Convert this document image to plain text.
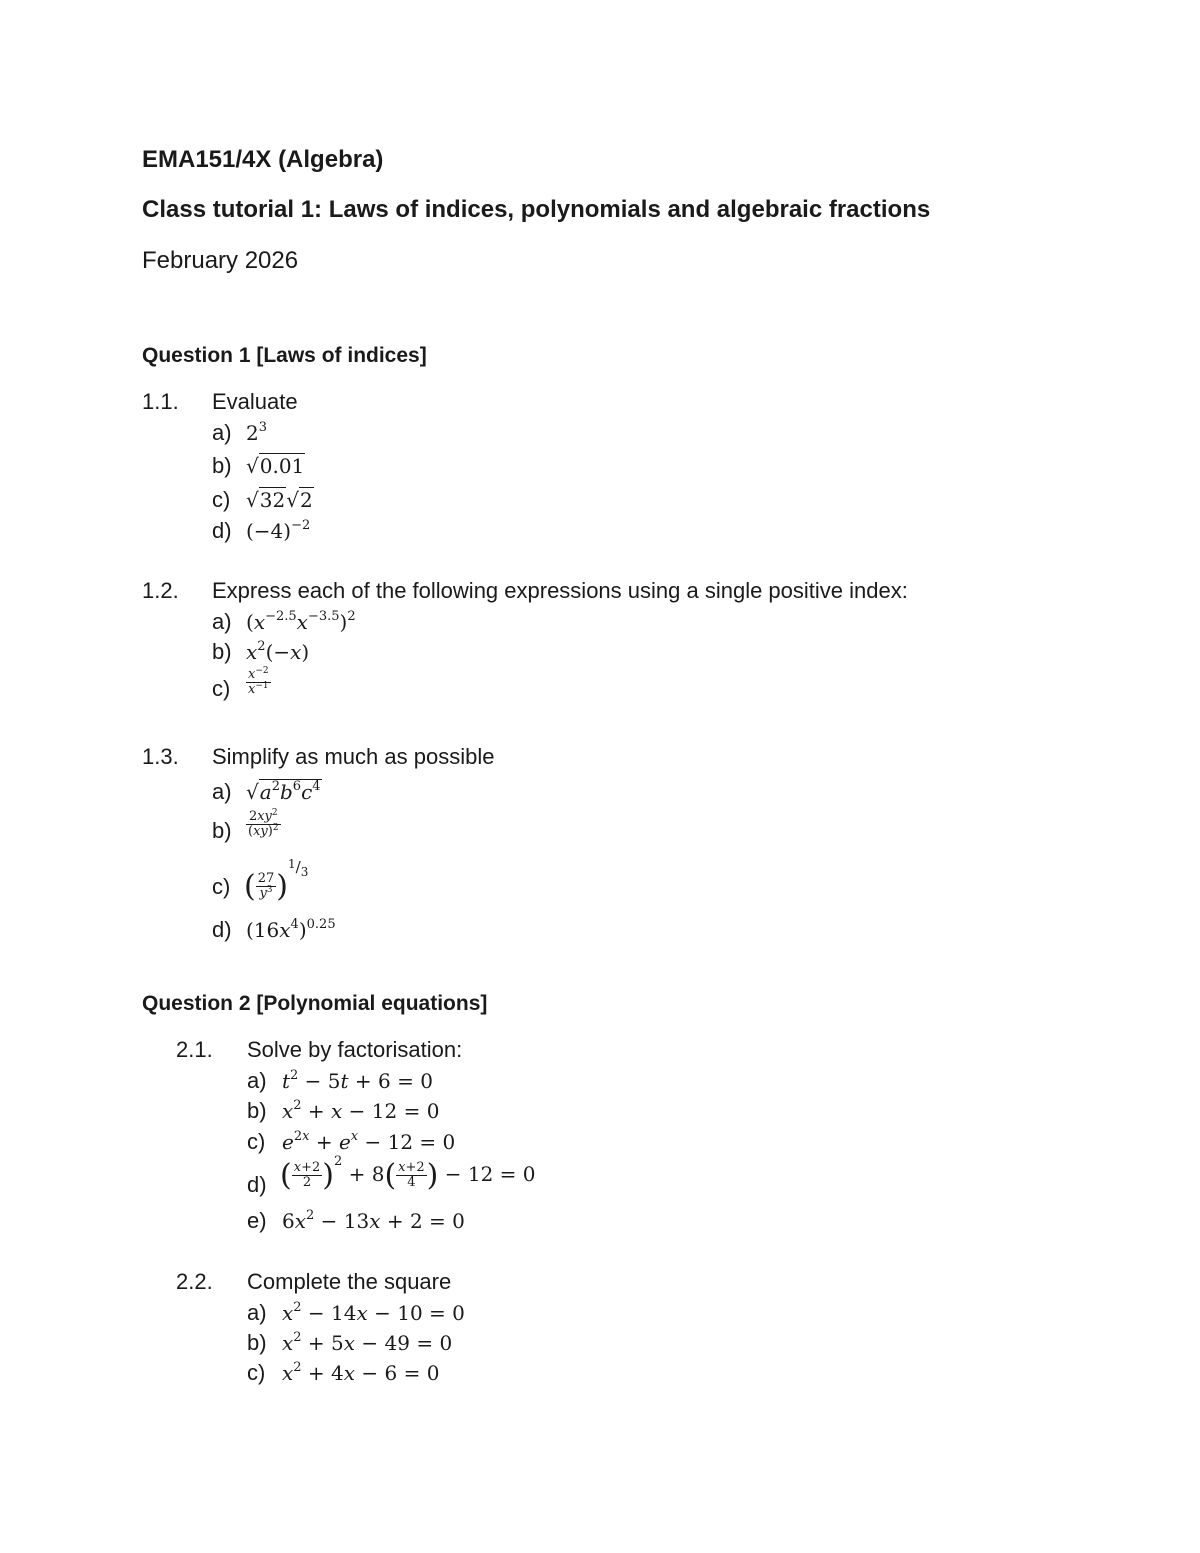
EMA151/4X (Algebra)
Class tutorial 1: Laws of indices, polynomials and algebraic fractions
February 2026
Question 1 [Laws of indices]
1.1. Evaluate
a) $2^3$
b) √0.01
c) √32√2
d) $(-4)^{-2}$
1.2. Express each of the following expressions using a single positive index:
a) $(x^{-2.5}x^{-3.5})^2$
b) $x^2(-x)$
$c) \frac{x^{-2}}{x^{-1}}$
1.3. Simplify as much as possible
a) $√a^2b^6c^4$
$b) \frac{2xy^2}{(xy)^2}$
c) ( $\frac{27}{y^3} )^{^1/_3}$
d) $(16x^4)^{0.25}$
Question 2 [Polynomial equations]
2.1. Solve by factorisation:
a) $t^2 - 5t + 6 = 0$
b) $x^2 + x - 12 = 0$
c) $e^{2x} + e^x - 12 = 0$
d) ( $\frac{x+2}{2} )^2 + 8( \frac{x+2}{4}$ ) − 12 = 0
e) $6x^2 - 13x + 2 = 0$
2.2. Complete the square
a) $x^2 - 14x - 10 = 0$
b) $x^2 + 5x - 49 = 0$
c) $x^2 + 4x - 6 = 0$
